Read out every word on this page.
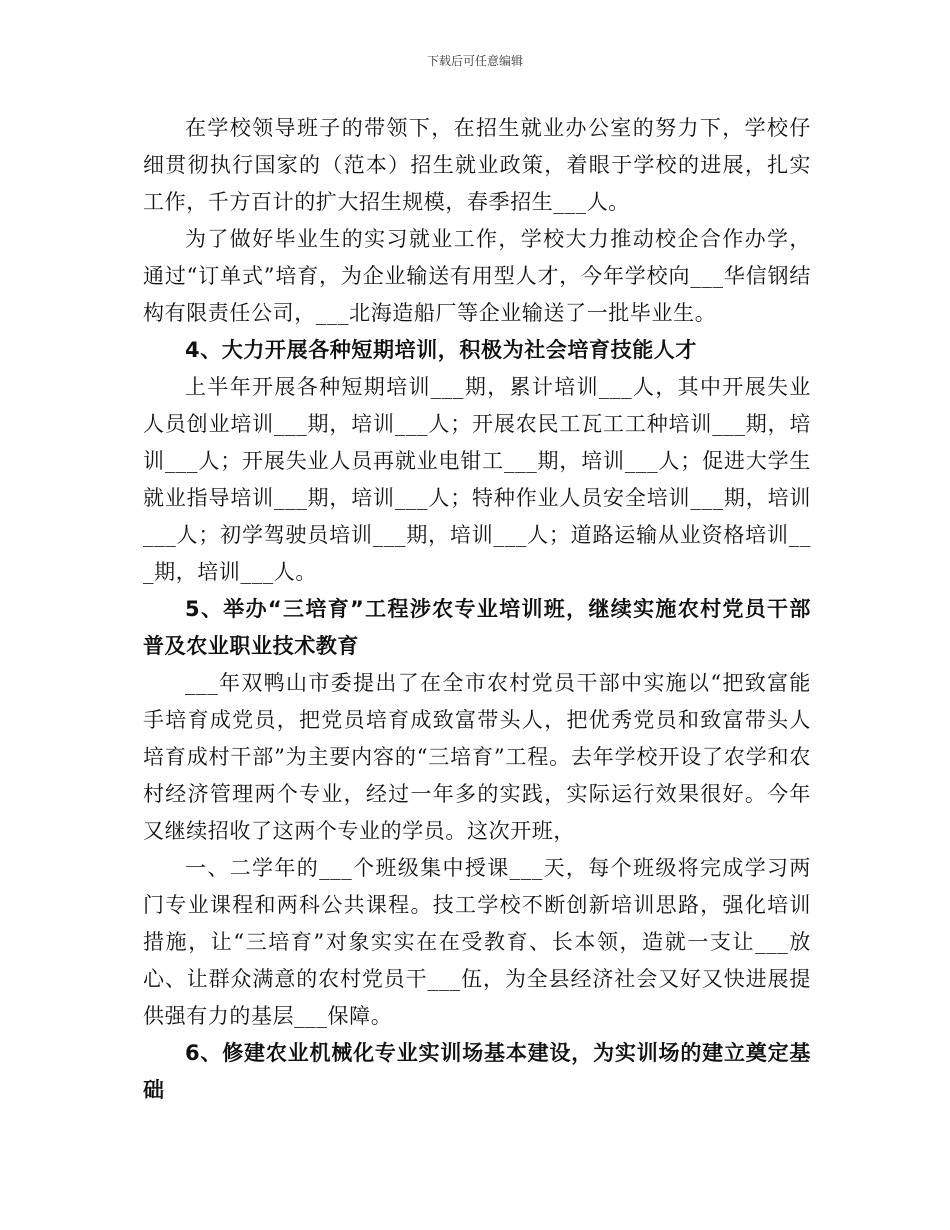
下载后可任意编辑

在学校领导班子的带领下，在招生就业办公室的努力下，学校仔细贯彻执行国家的（范本）招生就业政策，着眼于学校的进展，扎实工作，千方百计的扩大招生规模，春季招生___人。

为了做好毕业生的实习就业工作，学校大力推动校企合作办学，通过“订单式”培育，为企业输送有用型人才，今年学校向___华信钢结构有限责任公司，___北海造船厂等企业输送了一批毕业生。

4、大力开展各种短期培训，积极为社会培育技能人才

上半年开展各种短期培训___期，累计培训___人，其中开展失业人员创业培训___期，培训___人；开展农民工瓦工工种培训___期，培训___人；开展失业人员再就业电钳工___期，培训___人；促进大学生就业指导培训___期，培训___人；特种作业人员安全培训___期，培训___人；初学驾驶员培训___期，培训___人；道路运输从业资格培训___期，培训___人。

5、举办“三培育”工程涉农专业培训班，继续实施农村党员干部普及农业职业技术教育

___年双鸭山市委提出了在全市农村党员干部中实施以“把致富能手培育成党员，把党员培育成致富带头人，把优秀党员和致富带头人培育成村干部”为主要内容的“三培育”工程。去年学校开设了农学和农村经济管理两个专业，经过一年多的实践，实际运行效果很好。今年又继续招收了这两个专业的学员。这次开班，

一、二学年的___个班级集中授课___天，每个班级将完成学习两门专业课程和两科公共课程。技工学校不断创新培训思路，强化培训措施，让“三培育”对象实实在在受教育、长本领，造就一支让___放心、让群众满意的农村党员干___伍，为全县经济社会又好又快进展提供强有力的基层___保障。

6、修建农业机械化专业实训场基本建设，为实训场的建立奠定基础
